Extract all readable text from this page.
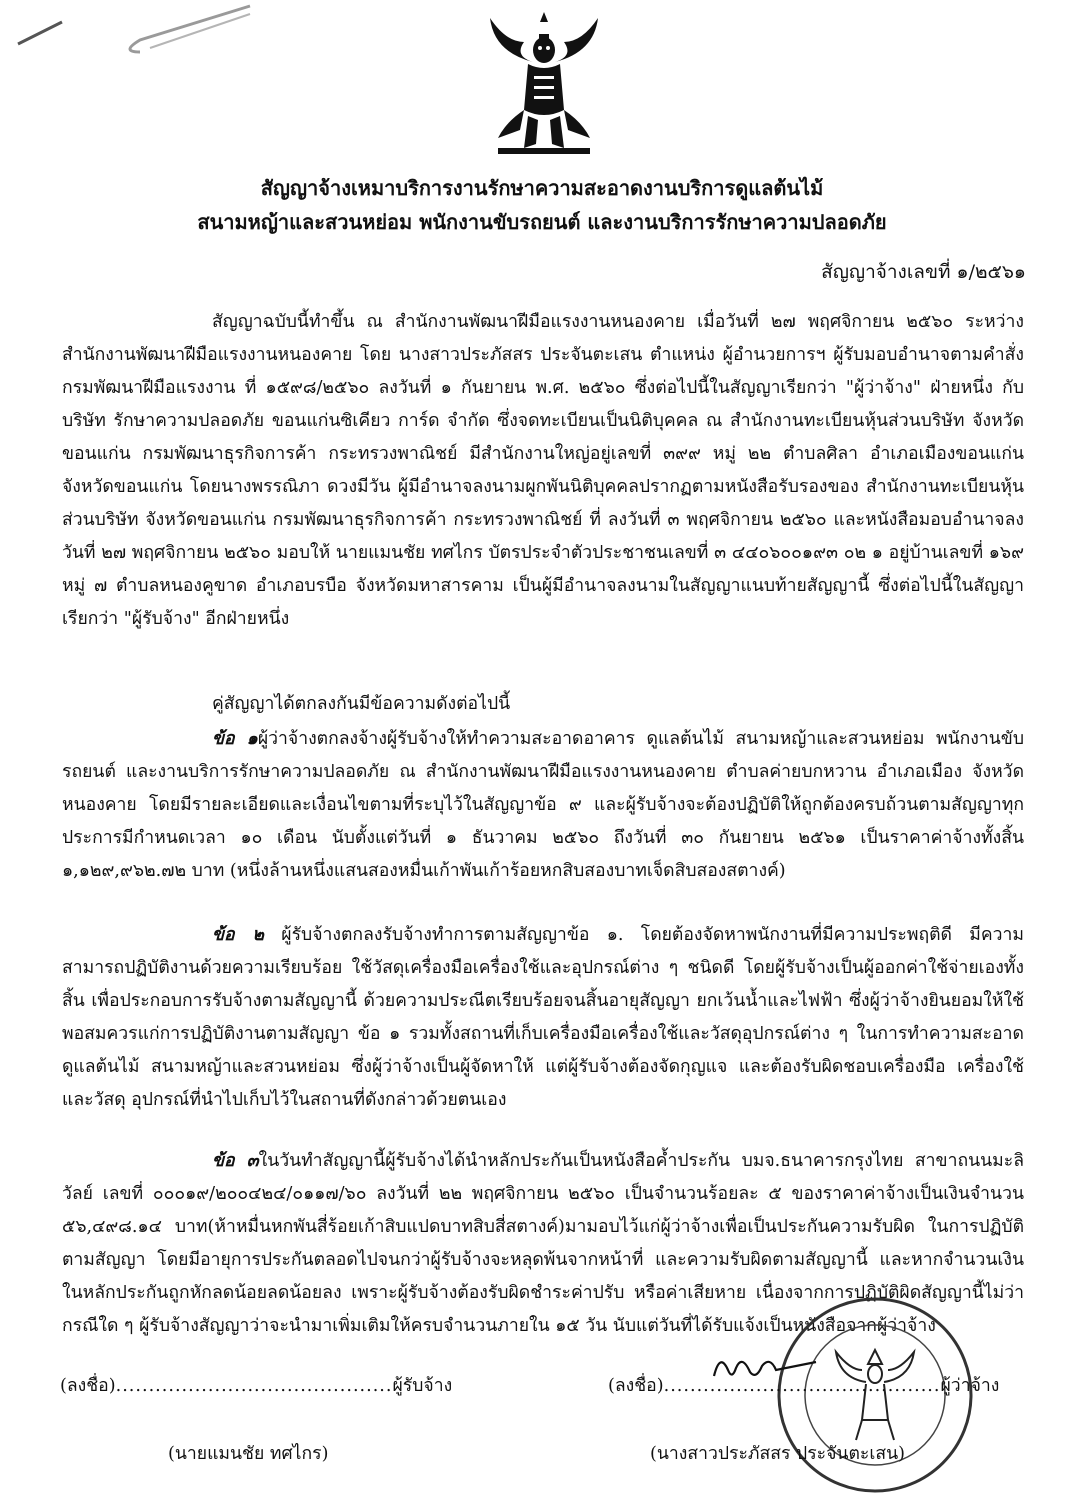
สัญญาจ้างเหมาบริการงานรักษาความสะอาดงานบริการดูแลต้นไม้
สนามหญ้าและสวนหย่อม พนักงานขับรถยนต์ และงานบริการรักษาความปลอดภัย
สัญญาจ้างเลขที่ ๑/๒๕๖๑

สัญญาฉบับนี้ทำขึ้น ณ สำนักงานพัฒนาฝีมือแรงงานหนองคาย เมื่อวันที่ ๒๗ พฤศจิกายน ๒๕๖๐ ระหว่าง สำนักงานพัฒนาฝีมือแรงงานหนองคาย โดย นางสาวประภัสสร ประจันตะเสน ตำแหน่ง ผู้อำนวยการฯ ผู้รับมอบอำนาจตามคำสั่ง กรมพัฒนาฝีมือแรงงาน ที่ ๑๕๙๘/๒๕๖๐ ลงวันที่ ๑ กันยายน พ.ศ. ๒๕๖๐ ซึ่งต่อไปนี้ในสัญญาเรียกว่า "ผู้ว่าจ้าง" ฝ่ายหนึ่ง กับ บริษัท รักษาความปลอดภัย ขอนแก่นซิเคียว การ์ด จำกัด ซึ่งจดทะเบียนเป็นนิติบุคคล ณ สำนักงานทะเบียนหุ้นส่วนบริษัท จังหวัดขอนแก่น กรมพัฒนาธุรกิจการค้า กระทรวงพาณิชย์ มีสำนักงานใหญ่อยู่เลขที่ ๓๙๙ หมู่ ๒๒ ตำบลศิลา อำเภอเมืองขอนแก่น จังหวัดขอนแก่น โดยนางพรรณิภา ดวงมีวัน ผู้มีอำนาจลงนามผูกพันนิติบุคคลปรากฏตามหนังสือรับรองของ สำนักงานทะเบียนหุ้นส่วนบริษัท จังหวัดขอนแก่น กรมพัฒนาธุรกิจการค้า กระทรวงพาณิชย์ ที่ ลงวันที่ ๓ พฤศจิกายน ๒๕๖๐ และหนังสือมอบอำนาจลงวันที่ ๒๗ พฤศจิกายน ๒๕๖๐ มอบให้ นายแมนชัย ทศไกร บัตรประจำตัวประชาชนเลขที่ ๓ ๔๔๐๖๐๐๑๙๓ ๐๒ ๑ อยู่บ้านเลขที่ ๑๖๙ หมู่ ๗ ตำบลหนองคูขาด อำเภอบรบือ จังหวัดมหาสารคาม เป็นผู้มีอำนาจลงนามในสัญญาแนบท้ายสัญญานี้ ซึ่งต่อไปนี้ในสัญญาเรียกว่า "ผู้รับจ้าง" อีกฝ่ายหนึ่ง

คู่สัญญาได้ตกลงกันมีข้อความดังต่อไปนี้

ข้อ ๑ผู้ว่าจ้างตกลงจ้างผู้รับจ้างให้ทำความสะอาดอาคาร ดูแลต้นไม้ สนามหญ้าและสวนหย่อม พนักงานขับรถยนต์ และงานบริการรักษาความปลอดภัย ณ สำนักงานพัฒนาฝีมือแรงงานหนองคาย ตำบลค่ายบกหวาน อำเภอเมือง จังหวัดหนองคาย โดยมีรายละเอียดและเงื่อนไขตามที่ระบุไว้ในสัญญาข้อ ๙ และผู้รับจ้างจะต้องปฏิบัติให้ถูกต้องครบถ้วนตามสัญญาทุกประการมีกำหนดเวลา ๑๐ เดือน นับตั้งแต่วันที่ ๑ ธันวาคม ๒๕๖๐ ถึงวันที่ ๓๐ กันยายน ๒๕๖๑ เป็นราคาค่าจ้างทั้งสิ้น ๑,๑๒๙,๙๖๒.๗๒ บาท (หนึ่งล้านหนึ่งแสนสองหมื่นเก้าพันเก้าร้อยหกสิบสองบาทเจ็ดสิบสองสตางค์)

ข้อ ๒ ผู้รับจ้างตกลงรับจ้างทำการตามสัญญาข้อ ๑. โดยต้องจัดหาพนักงานที่มีความประพฤติดี มีความสามารถปฏิบัติงานด้วยความเรียบร้อย ใช้วัสดุเครื่องมือเครื่องใช้และอุปกรณ์ต่าง ๆ ชนิดดี โดยผู้รับจ้างเป็นผู้ออกค่าใช้จ่ายเองทั้งสิ้น เพื่อประกอบการรับจ้างตามสัญญานี้ ด้วยความประณีตเรียบร้อยจนสิ้นอายุสัญญา ยกเว้นน้ำและไฟฟ้า ซึ่งผู้ว่าจ้างยินยอมให้ใช้พอสมควรแก่การปฏิบัติงานตามสัญญา ข้อ ๑ รวมทั้งสถานที่เก็บเครื่องมือเครื่องใช้และวัสดุอุปกรณ์ต่าง ๆ ในการทำความสะอาด ดูแลต้นไม้ สนามหญ้าและสวนหย่อม ซึ่งผู้ว่าจ้างเป็นผู้จัดหาให้ แต่ผู้รับจ้างต้องจัดกุญแจ และต้องรับผิดชอบเครื่องมือ เครื่องใช้และวัสดุ อุปกรณ์ที่นำไปเก็บไว้ในสถานที่ดังกล่าวด้วยตนเอง

ข้อ ๓ในวันทำสัญญานี้ผู้รับจ้างได้นำหลักประกันเป็นหนังสือค้ำประกัน บมจ.ธนาคารกรุงไทย สาขาถนนมะลิวัลย์ เลขที่ ๐๐๐๑๙/๒๐๐๔๒๔/๐๑๑๗/๖๐ ลงวันที่ ๒๒ พฤศจิกายน ๒๕๖๐ เป็นจำนวนร้อยละ ๕ ของราคาค่าจ้างเป็นเงินจำนวน ๕๖,๔๙๘.๑๔ บาท(ห้าหมื่นหกพันสี่ร้อยเก้าสิบแปดบาทสิบสี่สตางค์)มามอบไว้แก่ผู้ว่าจ้างเพื่อเป็นประกันความรับผิด ในการปฏิบัติตามสัญญา โดยมีอายุการประกันตลอดไปจนกว่าผู้รับจ้างจะหลุดพ้นจากหน้าที่ และความรับผิดตามสัญญานี้ และหากจำนวนเงินในหลักประกันถูกหักลดน้อยลดน้อยลง เพราะผู้รับจ้างต้องรับผิดชำระค่าปรับ หรือค่าเสียหาย เนื่องจากการปฏิบัติผิดสัญญานี้ไม่ว่ากรณีใด ๆ ผู้รับจ้างสัญญาว่าจะนำมาเพิ่มเติมให้ครบจำนวนภายใน ๑๕ วัน นับแต่วันที่ได้รับแจ้งเป็นหนังสือจากผู้ว่าจ้าง

(ลงชื่อ)..........................................ผู้รับจ้าง	(ลงชื่อ)..........................................ผู้ว่าจ้าง
(นายแมนชัย ทศไกร)	(นางสาวประภัสสร ประจันตะเสน)
